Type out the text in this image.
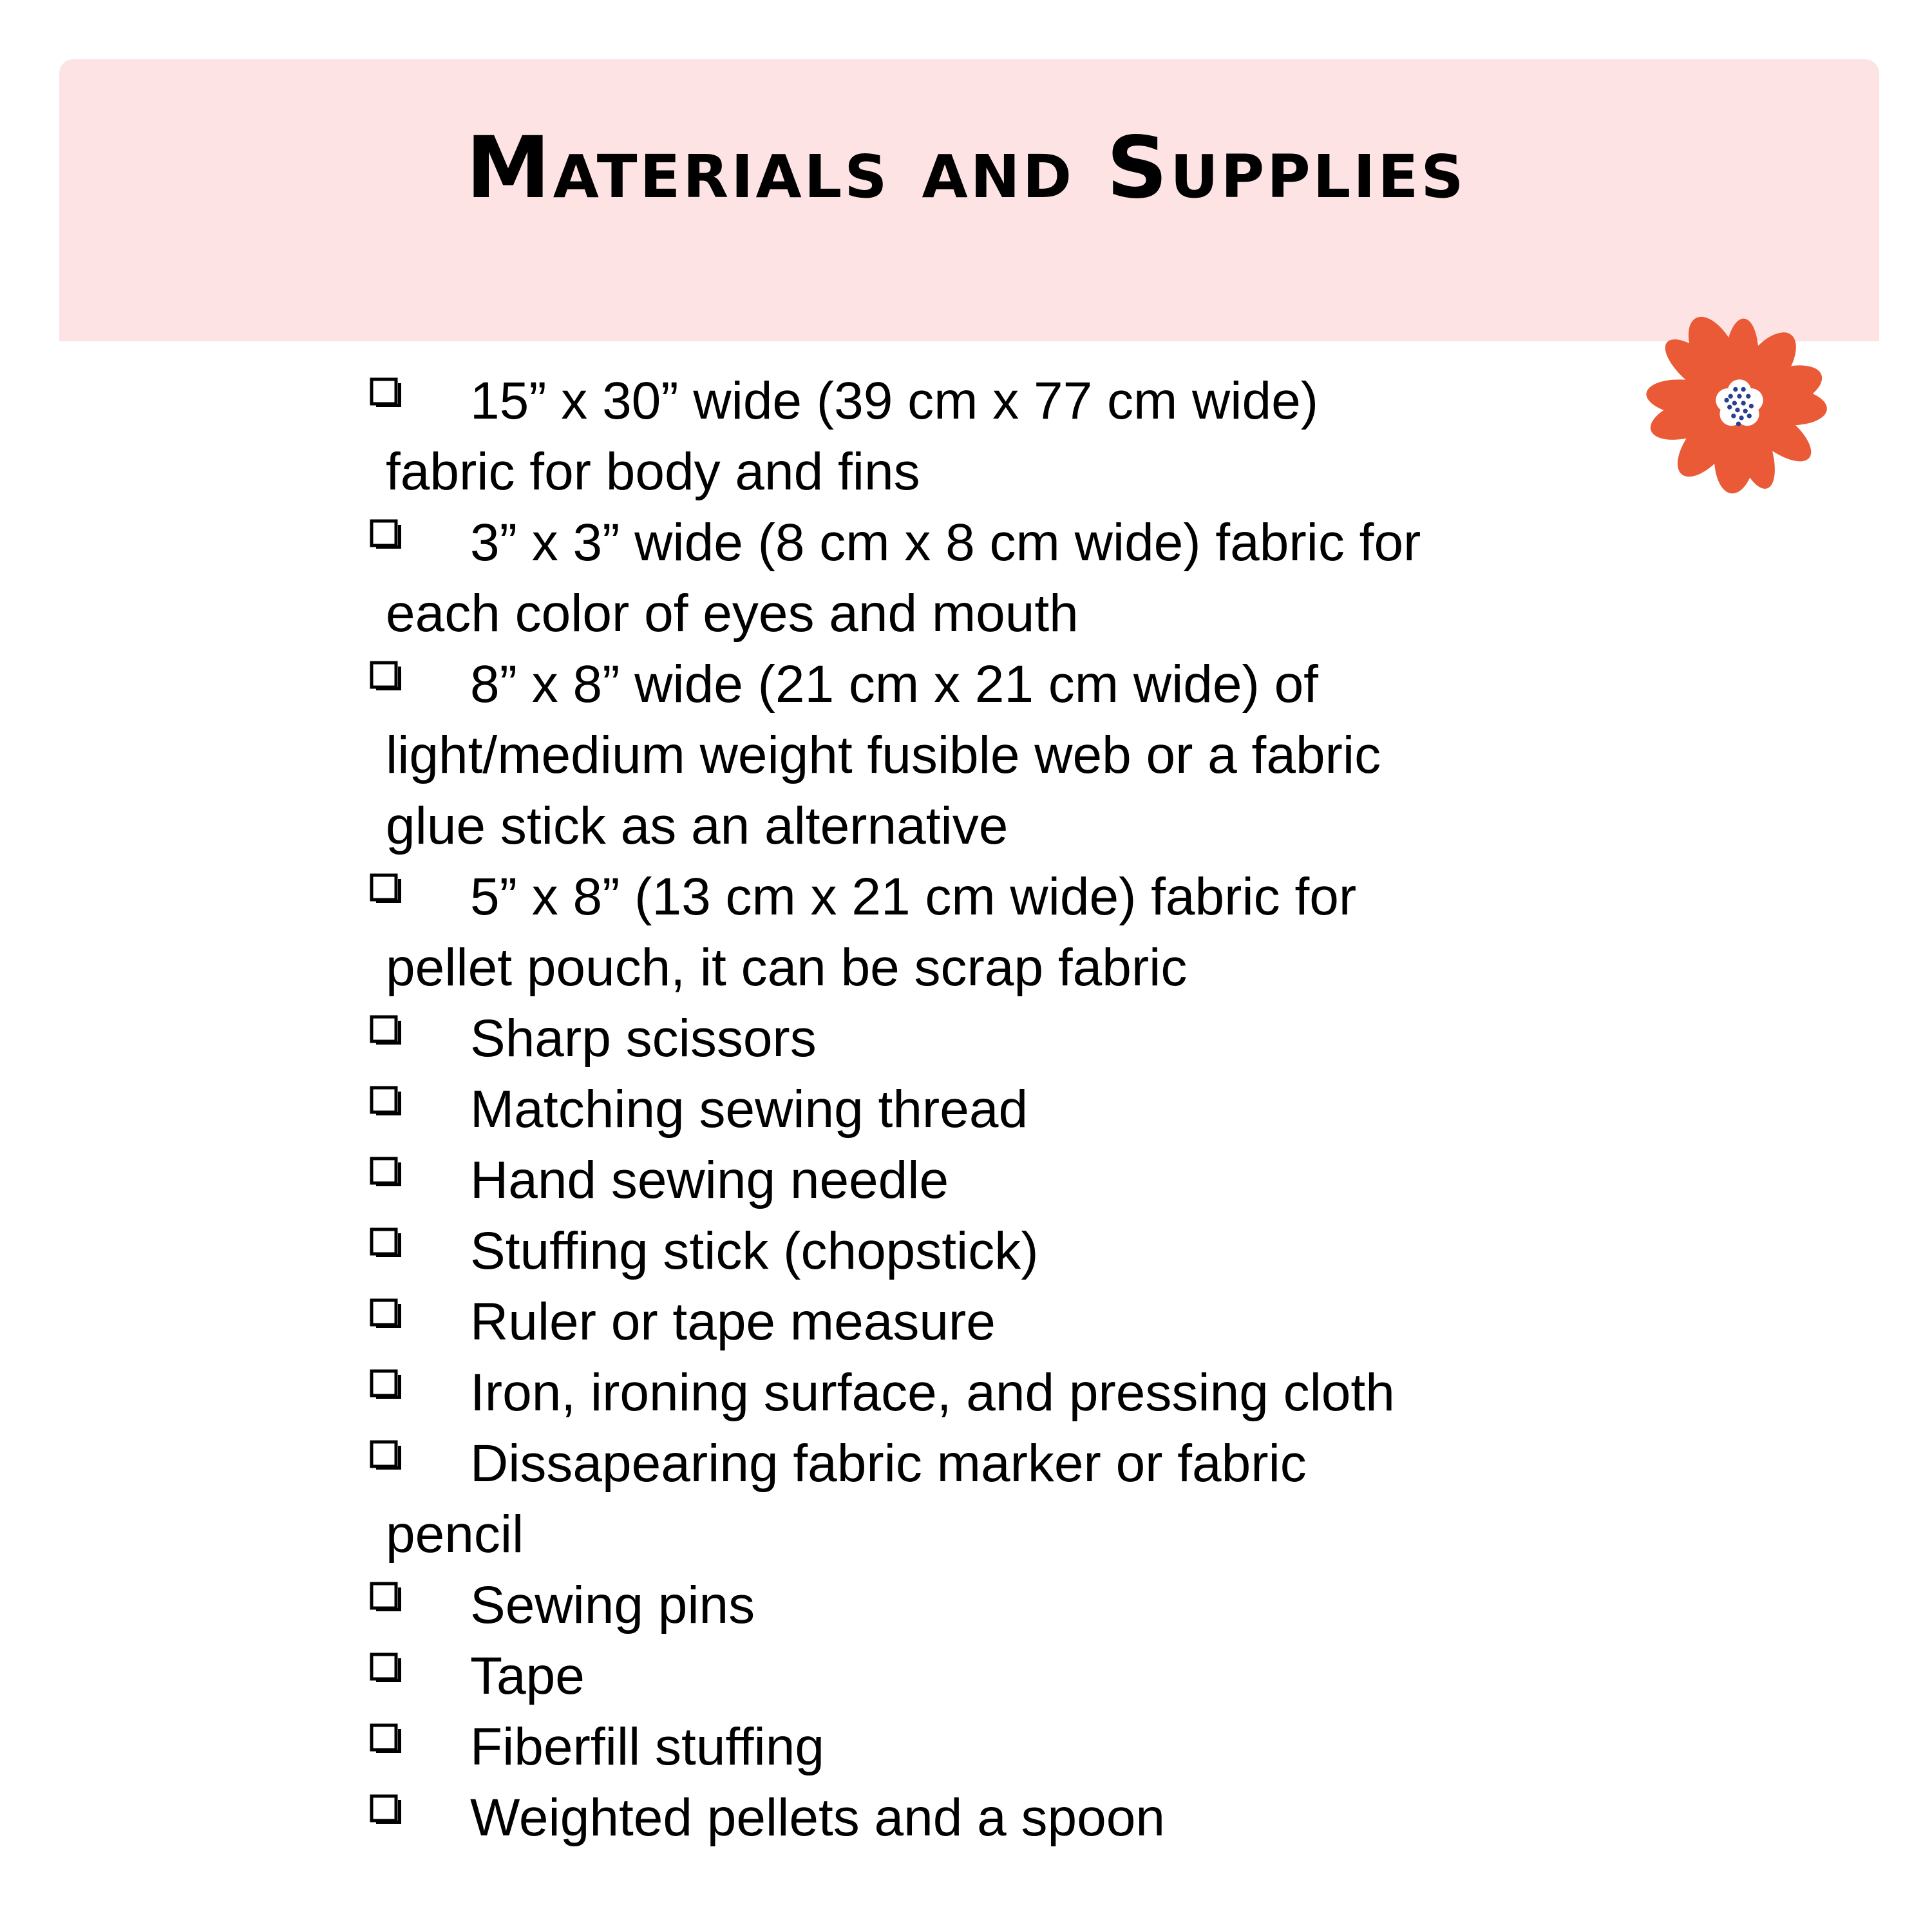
Materials and Supplies
15” x 30” wide (39 cm x 77 cm wide)
fabric for body and fins
3” x 3” wide (8 cm x 8 cm wide) fabric for
each color of eyes and mouth
8” x 8” wide (21 cm x 21 cm wide) of
light/medium weight fusible web or a fabric
glue stick as an alternative
5” x 8” (13 cm x 21 cm wide) fabric for
pellet pouch, it can be scrap fabric
Sharp scissors
Matching sewing thread
Hand sewing needle
Stuffing stick (chopstick)
Ruler or tape measure
Iron, ironing surface, and pressing cloth
Dissapearing fabric marker or fabric
pencil
Sewing pins
Tape
Fiberfill stuffing
Weighted pellets and a spoon
